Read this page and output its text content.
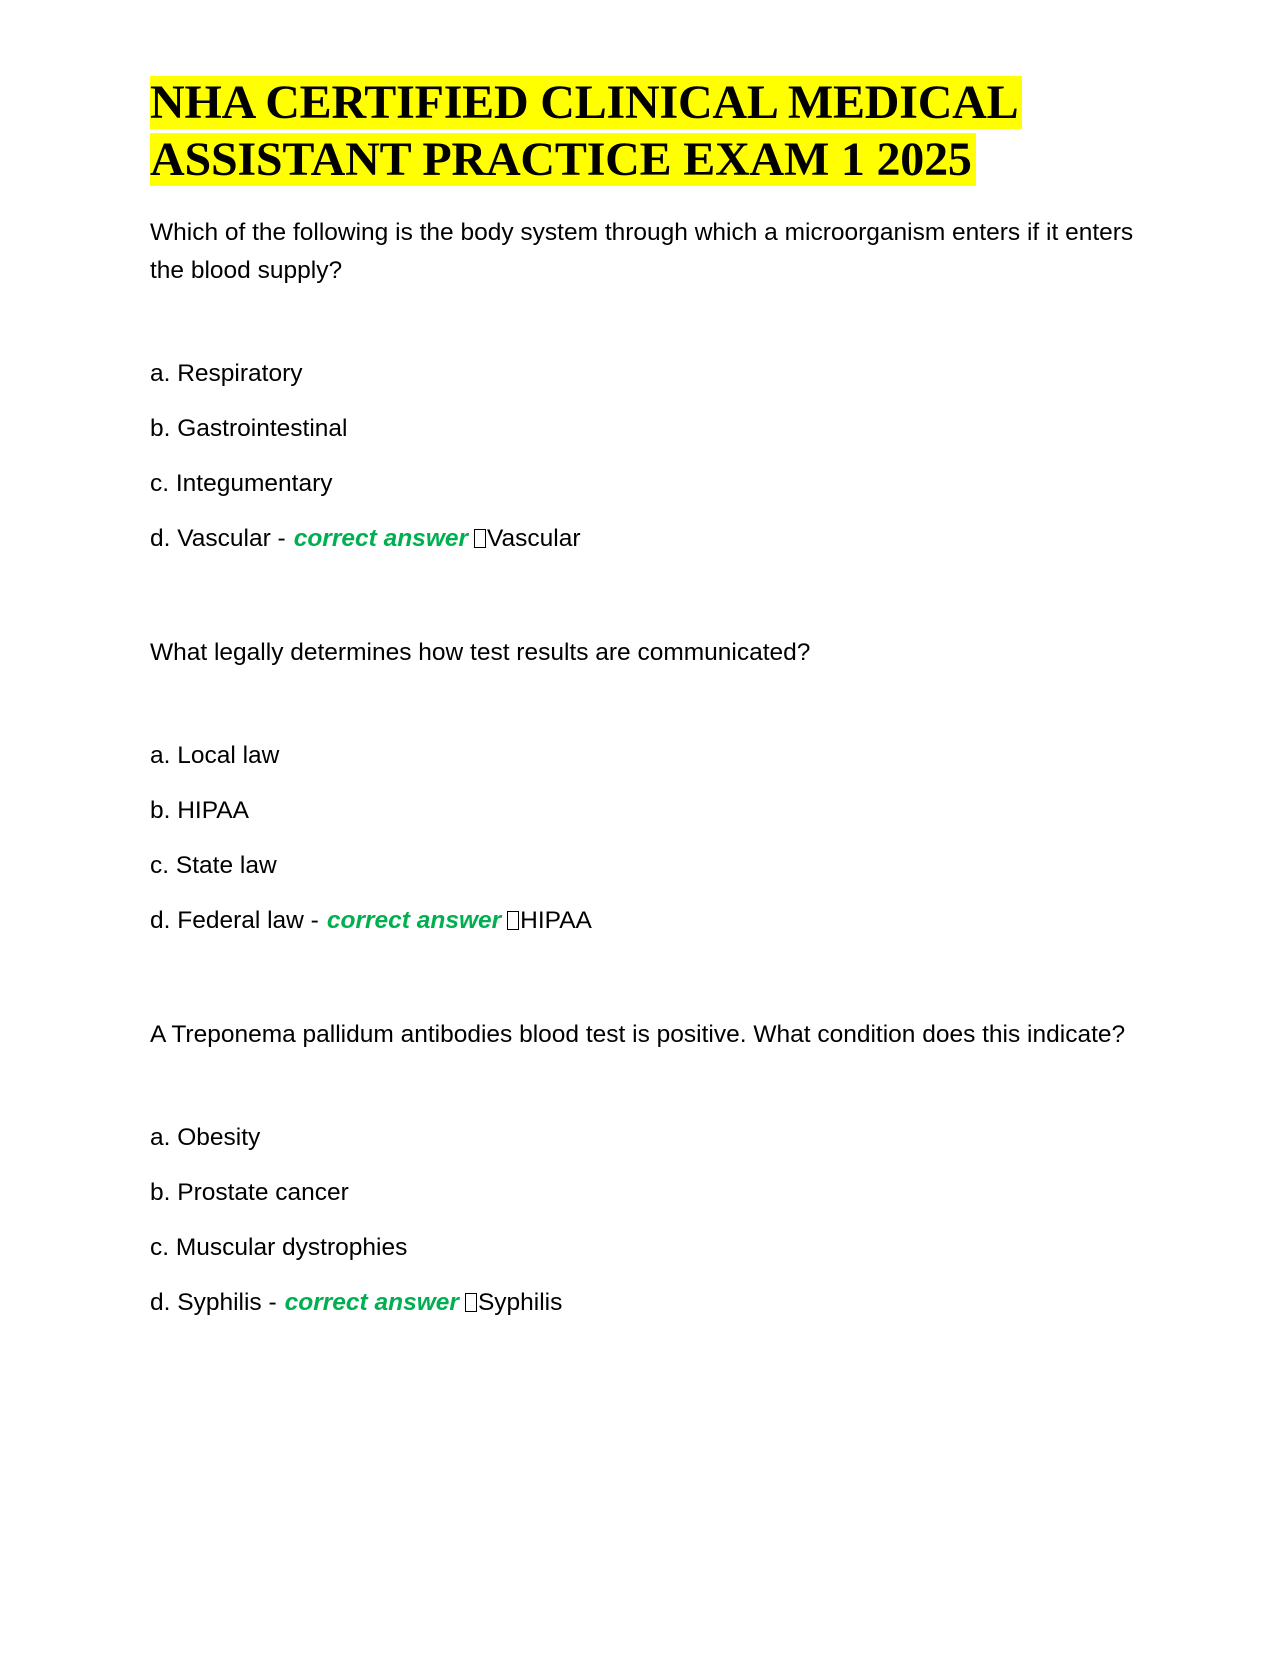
NHA CERTIFIED CLINICAL MEDICAL ASSISTANT PRACTICE EXAM 1 2025

Which of the following is the body system through which a microorganism enters if it enters the blood supply?

a. Respiratory

b. Gastrointestinal

c. Integumentary

d. Vascular - correct answer Vascular

What legally determines how test results are communicated?

a. Local law

b. HIPAA

c. State law

d. Federal law - correct answer HIPAA

A Treponema pallidum antibodies blood test is positive. What condition does this indicate?

a. Obesity

b. Prostate cancer

c. Muscular dystrophies

d. Syphilis - correct answer Syphilis
